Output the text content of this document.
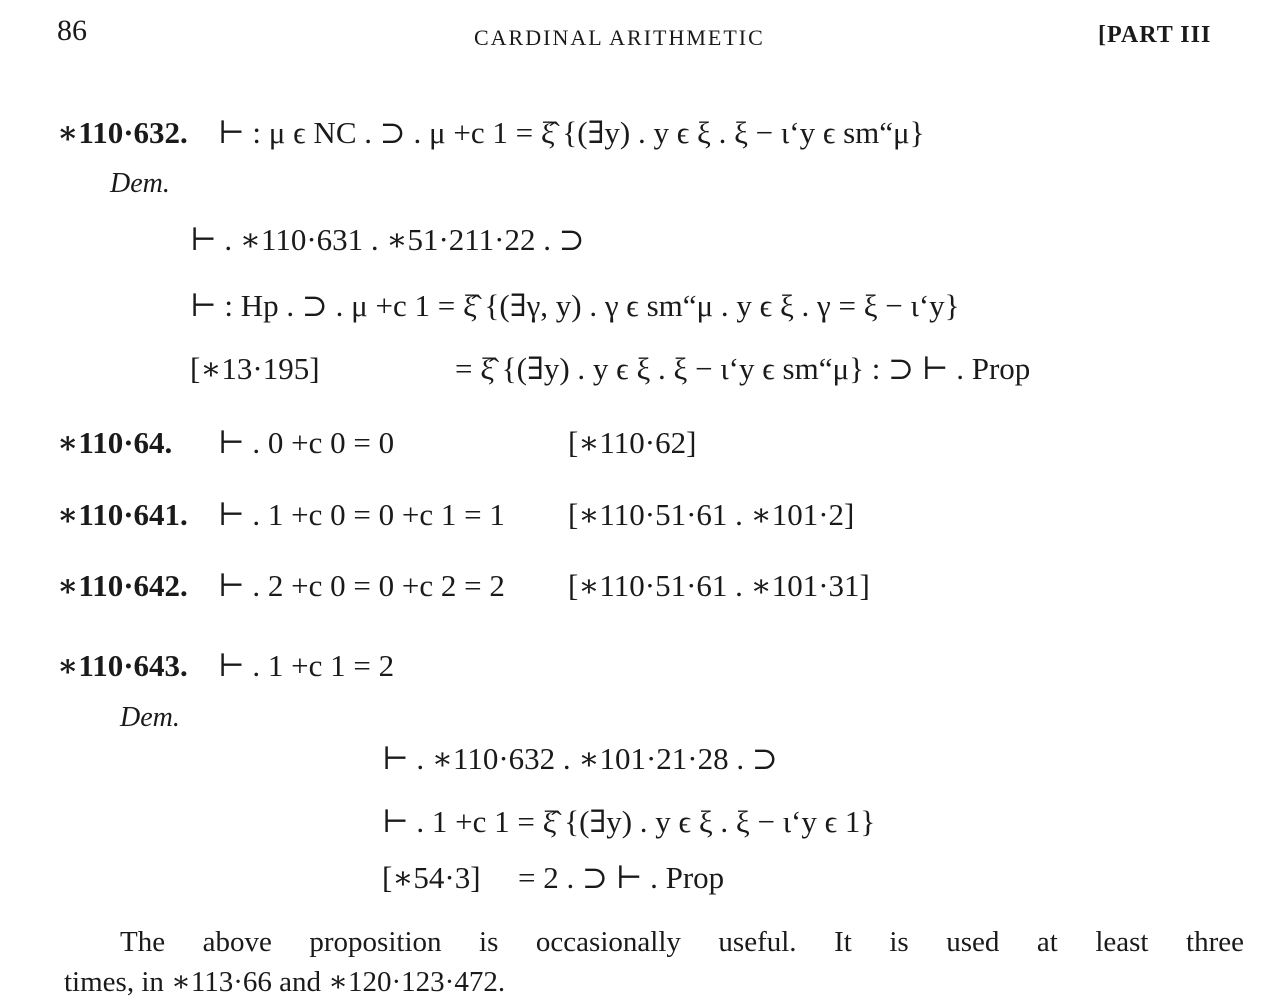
86	CARDINAL ARITHMETIC	[PART III
∗110·632. ⊢ : μ ϵ NC . ⊃ . μ +c 1 = ξ̂ {(∃y) . y ϵ ξ . ξ − ι‘y ϵ sm“μ}
Dem.
⊢ . ∗110·631 . ∗51·211·22 . ⊃
⊢ : Hp . ⊃ . μ +c 1 = ξ̂ {(∃γ, y) . γ ϵ sm“μ . y ϵ ξ . γ = ξ − ι‘y}
[∗13·195]	= ξ̂ {(∃y) . y ϵ ξ . ξ − ι‘y ϵ sm“μ} : ⊃ ⊢ . Prop
∗110·64. ⊢ . 0 +c 0 = 0	[∗110·62]
∗110·641. ⊢ . 1 +c 0 = 0 +c 1 = 1 [∗110·51·61 . ∗101·2]
∗110·642. ⊢ . 2 +c 0 = 0 +c 2 = 2 [∗110·51·61 . ∗101·31]
∗110·643. ⊢ . 1 +c 1 = 2
Dem.
⊢ . ∗110·632 . ∗101·21·28 . ⊃
⊢ . 1 +c 1 = ξ̂ {(∃y) . y ϵ ξ . ξ − ι‘y ϵ 1}
[∗54·3] = 2 . ⊃ ⊢ . Prop

The above proposition is occasionally useful. It is used at least three

times, in ∗113·66 and ∗120·123·472.
